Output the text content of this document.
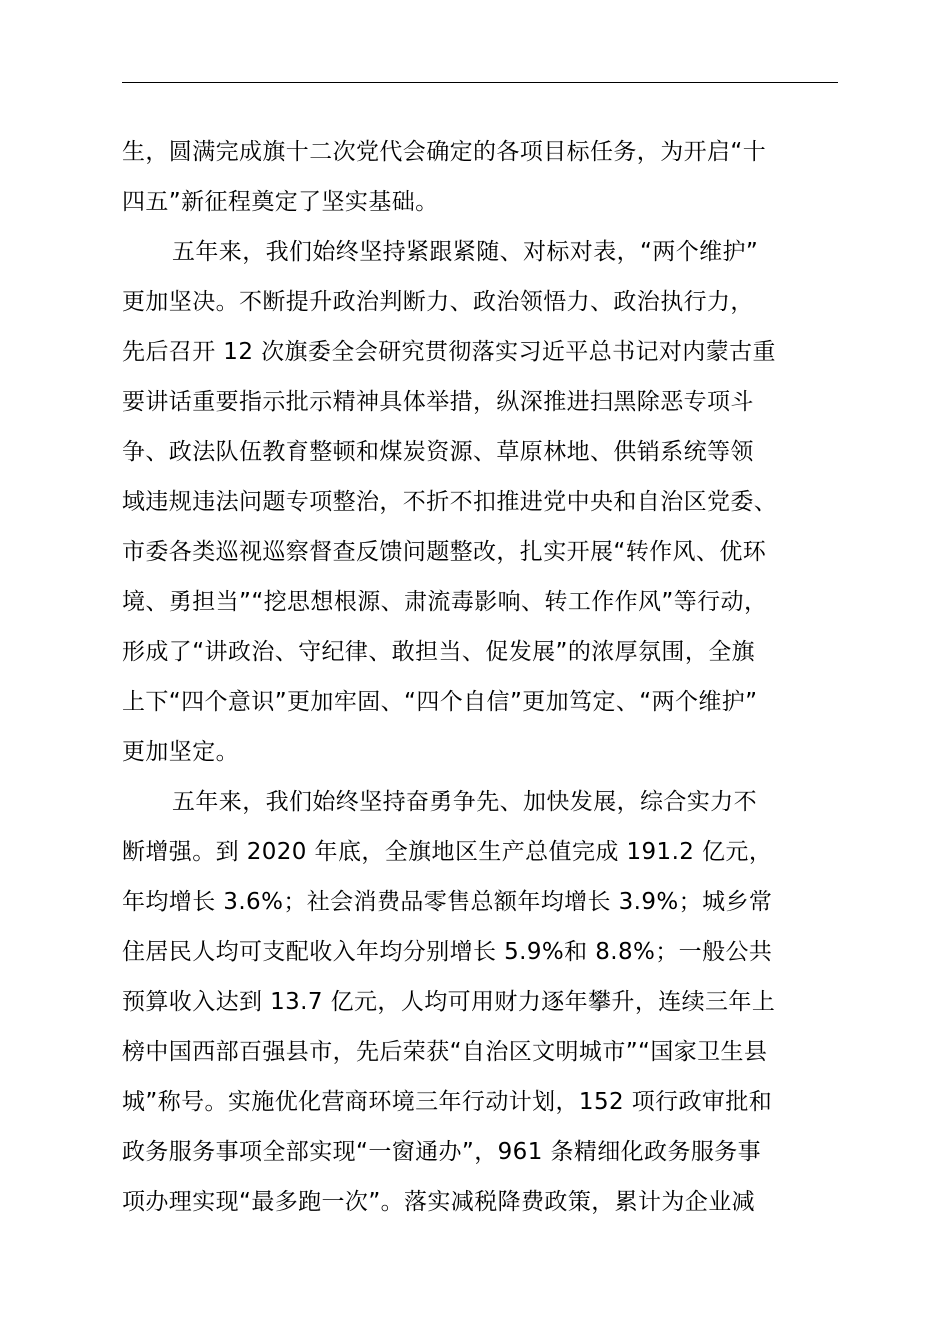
生，圆满完成旗十二次党代会确定的各项目标任务，为开启“十
四五”新征程奠定了坚实基础。
五年来，我们始终坚持紧跟紧随、对标对表，“两个维护”
更加坚决。不断提升政治判断力、政治领悟力、政治执行力，
先后召开 12 次旗委全会研究贯彻落实习近平总书记对内蒙古重
要讲话重要指示批示精神具体举措，纵深推进扫黑除恶专项斗
争、政法队伍教育整顿和煤炭资源、草原林地、供销系统等领
域违规违法问题专项整治，不折不扣推进党中央和自治区党委、
市委各类巡视巡察督查反馈问题整改，扎实开展“转作风、优环
境、勇担当”“挖思想根源、肃流毒影响、转工作作风”等行动，
形成了“讲政治、守纪律、敢担当、促发展”的浓厚氛围，全旗
上下“四个意识”更加牢固、“四个自信”更加笃定、“两个维护”
更加坚定。
五年来，我们始终坚持奋勇争先、加快发展，综合实力不
断增强。到 2020 年底，全旗地区生产总值完成 191.2 亿元，
年均增长 3.6%；社会消费品零售总额年均增长 3.9%；城乡常
住居民人均可支配收入年均分别增长 5.9%和 8.8%；一般公共
预算收入达到 13.7 亿元，人均可用财力逐年攀升，连续三年上
榜中国西部百强县市，先后荣获“自治区文明城市”“国家卫生县
城”称号。实施优化营商环境三年行动计划，152 项行政审批和
政务服务事项全部实现“一窗通办”，961 条精细化政务服务事
项办理实现“最多跑一次”。落实减税降费政策，累计为企业减
